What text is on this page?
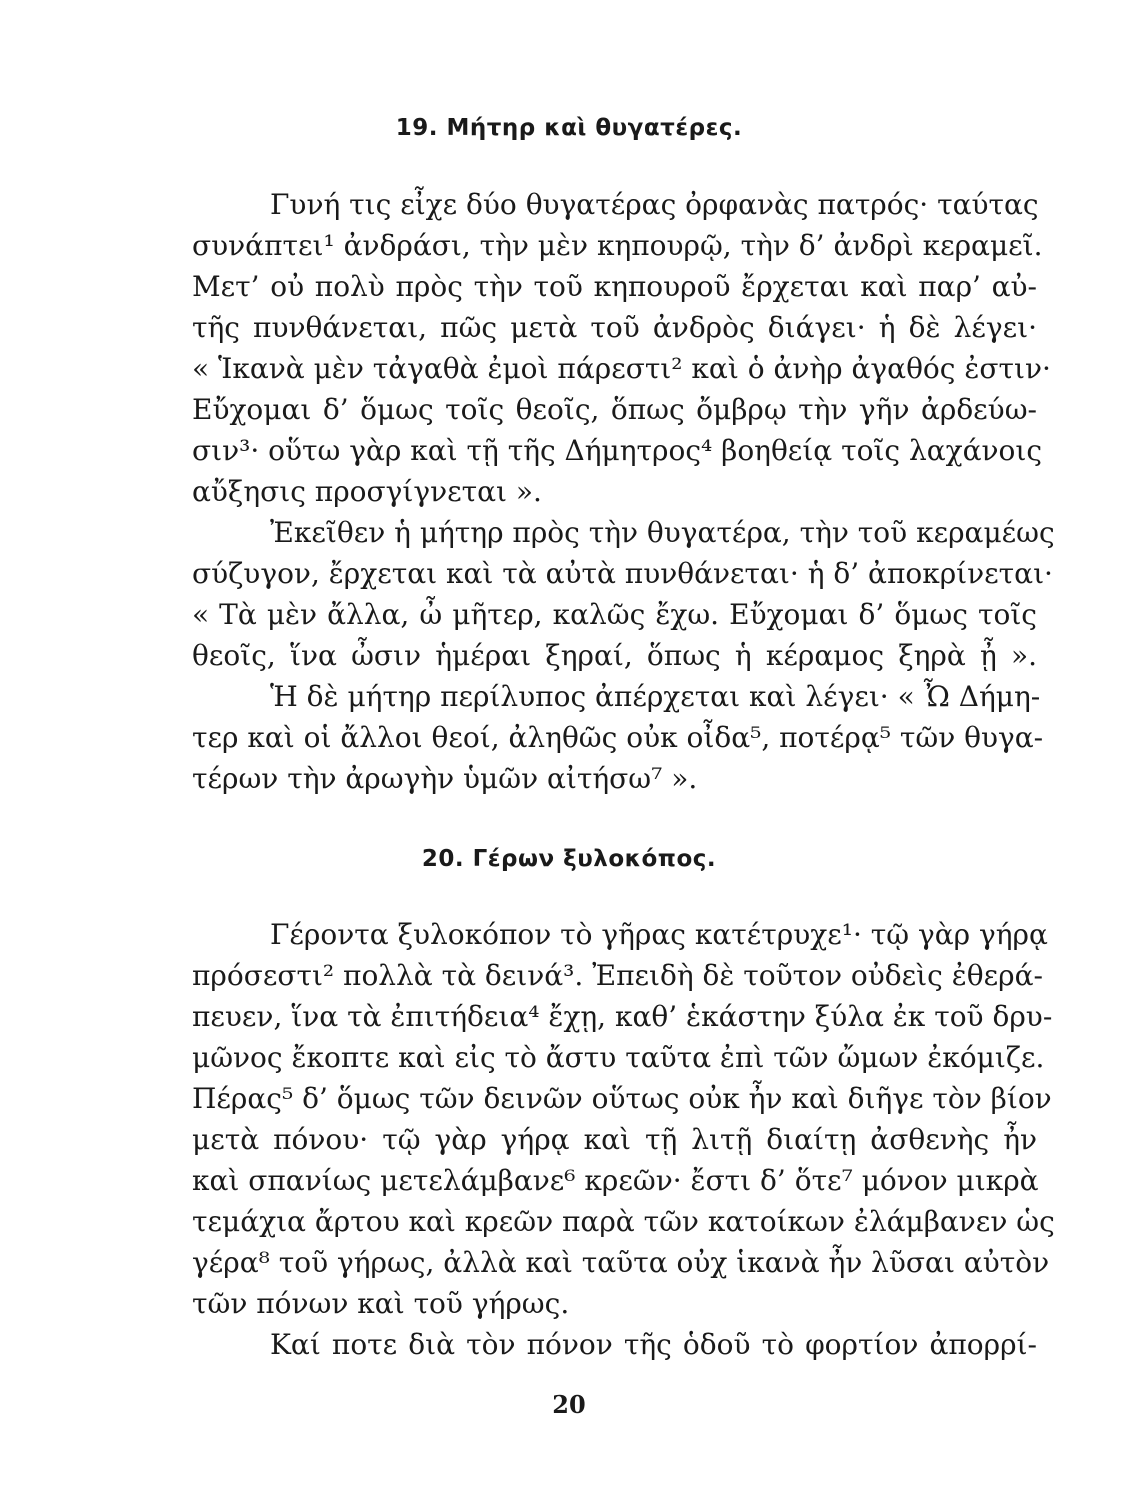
19. Μήτηρ καὶ θυγατέρες.
Γυνή τις εἶχε δύο θυγατέρας ὀρφανὰς πατρός· ταύτας
συνάπτει¹ ἀνδράσι, τὴν μὲν κηπουρῷ, τὴν δ’ ἀνδρὶ κεραμεῖ.
Μετ’ οὐ πολὺ πρὸς τὴν τοῦ κηπουροῦ ἔρχεται καὶ παρ’ αὐ-
τῆς πυνθάνεται, πῶς μετὰ τοῦ ἀνδρὸς διάγει· ἡ δὲ λέγει·
« Ἱκανὰ μὲν τἀγαθὰ ἐμοὶ πάρεστι² καὶ ὁ ἀνὴρ ἀγαθός ἐστιν·
Εὔχομαι δ’ ὅμως τοῖς θεοῖς, ὅπως ὄμβρῳ τὴν γῆν ἀρδεύω-
σιν³· οὕτω γὰρ καὶ τῇ τῆς Δήμητρος⁴ βοηθείᾳ τοῖς λαχάνοις
αὔξησις προσγίγνεται ».
Ἐκεῖθεν ἡ μήτηρ πρὸς τὴν θυγατέρα, τὴν τοῦ κεραμέως
σύζυγον, ἔρχεται καὶ τὰ αὐτὰ πυνθάνεται· ἡ δ’ ἀποκρίνεται·
« Τὰ μὲν ἄλλα, ὦ μῆτερ, καλῶς ἔχω. Εὔχομαι δ’ ὅμως τοῖς
θεοῖς, ἵνα ὦσιν ἡμέραι ξηραί, ὅπως ἡ κέραμος ξηρὰ ᾖ ».
Ἡ δὲ μήτηρ περίλυπος ἀπέρχεται καὶ λέγει· « Ὦ Δήμη-
τερ καὶ οἱ ἄλλοι θεοί, ἀληθῶς οὐκ οἶδα⁵, ποτέρᾳ⁵ τῶν θυγα-
τέρων τὴν ἀρωγὴν ὑμῶν αἰτήσω⁷ ».
20. Γέρων ξυλοκόπος.
Γέροντα ξυλοκόπον τὸ γῆρας κατέτρυχε¹· τῷ γὰρ γήρᾳ
πρόσεστι² πολλὰ τὰ δεινά³. Ἐπειδὴ δὲ τοῦτον οὐδεὶς ἐθερά-
πευεν, ἵνα τὰ ἐπιτήδεια⁴ ἔχῃ, καθ’ ἑκάστην ξύλα ἐκ τοῦ δρυ-
μῶνος ἔκοπτε καὶ εἰς τὸ ἄστυ ταῦτα ἐπὶ τῶν ὤμων ἐκόμιζε.
Πέρας⁵ δ’ ὅμως τῶν δεινῶν οὕτως οὐκ ἦν καὶ διῆγε τὸν βίον
μετὰ πόνου· τῷ γὰρ γήρᾳ καὶ τῇ λιτῇ διαίτῃ ἀσθενὴς ἦν
καὶ σπανίως μετελάμβανε⁶ κρεῶν· ἔστι δ’ ὅτε⁷ μόνον μικρὰ
τεμάχια ἄρτου καὶ κρεῶν παρὰ τῶν κατοίκων ἐλάμβανεν ὡς
γέρα⁸ τοῦ γήρως, ἀλλὰ καὶ ταῦτα οὐχ ἱκανὰ ἦν λῦσαι αὐτὸν
τῶν πόνων καὶ τοῦ γήρως.
Καί ποτε διὰ τὸν πόνον τῆς ὁδοῦ τὸ φορτίον ἀπορρί-
20
